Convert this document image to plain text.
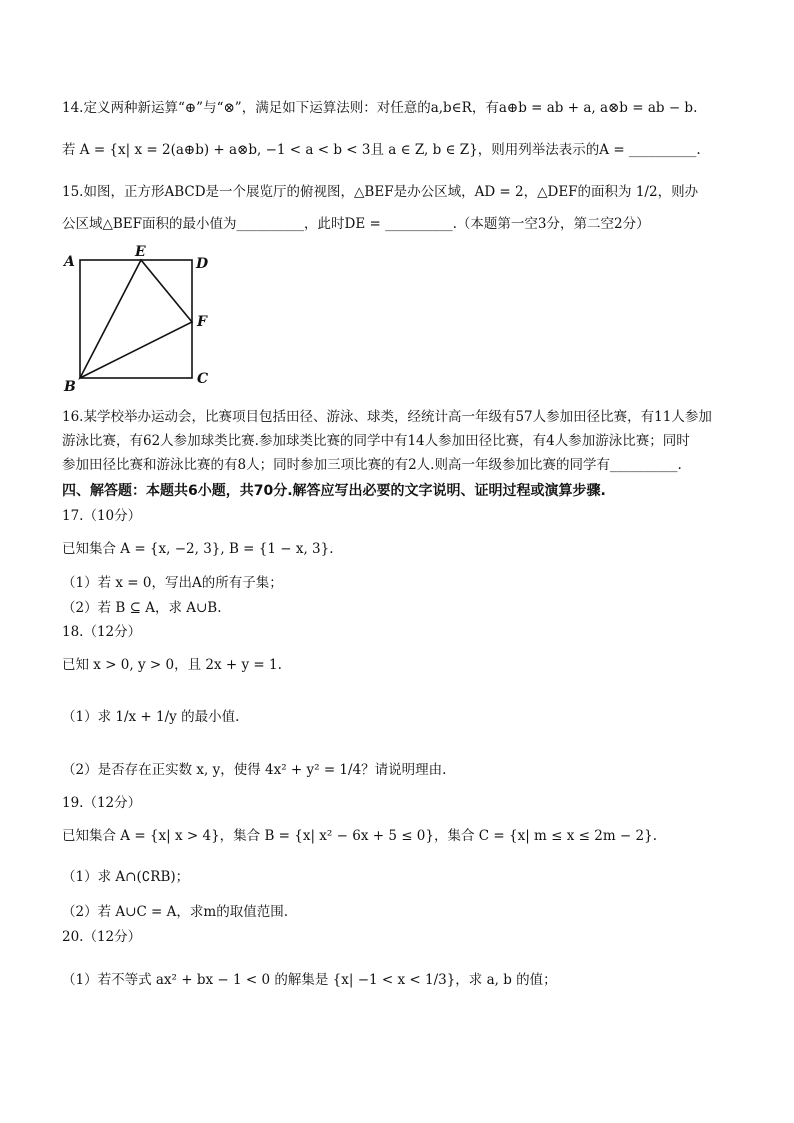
14.定义两种新运算“⊕”与“⊗”，满足如下运算法则：对任意的a,b∈R，有a⊕b = ab + a, a⊗b = ab − b.
若 A = {x| x = 2(a⊕b) + a⊗b, −1 < a < b < 3且 a ∈ Z, b ∈ Z}，则用列举法表示的A = __________.
15.如图，正方形ABCD是一个展览厅的俯视图，△BEF是办公区域，AD = 2，△DEF的面积为 1/2，则办
公区域△BEF面积的最小值为__________，此时DE = __________.（本题第一空3分，第二空2分）
A
E
D
F
B	C
16.某学校举办运动会，比赛项目包括田径、游泳、球类，经统计高一年级有57人参加田径比赛，有11人参加
游泳比赛，有62人参加球类比赛.参加球类比赛的同学中有14人参加田径比赛，有4人参加游泳比赛；同时
参加田径比赛和游泳比赛的有8人；同时参加三项比赛的有2人.则高一年级参加比赛的同学有__________.
四、解答题：本题共6小题，共70分.解答应写出必要的文字说明、证明过程或演算步骤.
17.（10分）
已知集合 A = {x, −2, 3}, B = {1 − x, 3}.
（1）若 x = 0，写出A的所有子集；
（2）若 B ⊆ A，求 A∪B.
18.（12分）
已知 x > 0, y > 0，且 2x + y = 1.
（1）求 1/x + 1/y 的最小值.
（2）是否存在正实数 x, y，使得 4x² + y² = 1/4？请说明理由.
19.（12分）
已知集合 A = {x| x > 4}，集合 B = {x| x² − 6x + 5 ≤ 0}，集合 C = {x| m ≤ x ≤ 2m − 2}.
（1）求 A∩(∁RB)；
（2）若 A∪C = A，求m的取值范围.
20.（12分）
（1）若不等式 ax² + bx − 1 < 0 的解集是 {x| −1 < x < 1/3}，求 a, b 的值；
